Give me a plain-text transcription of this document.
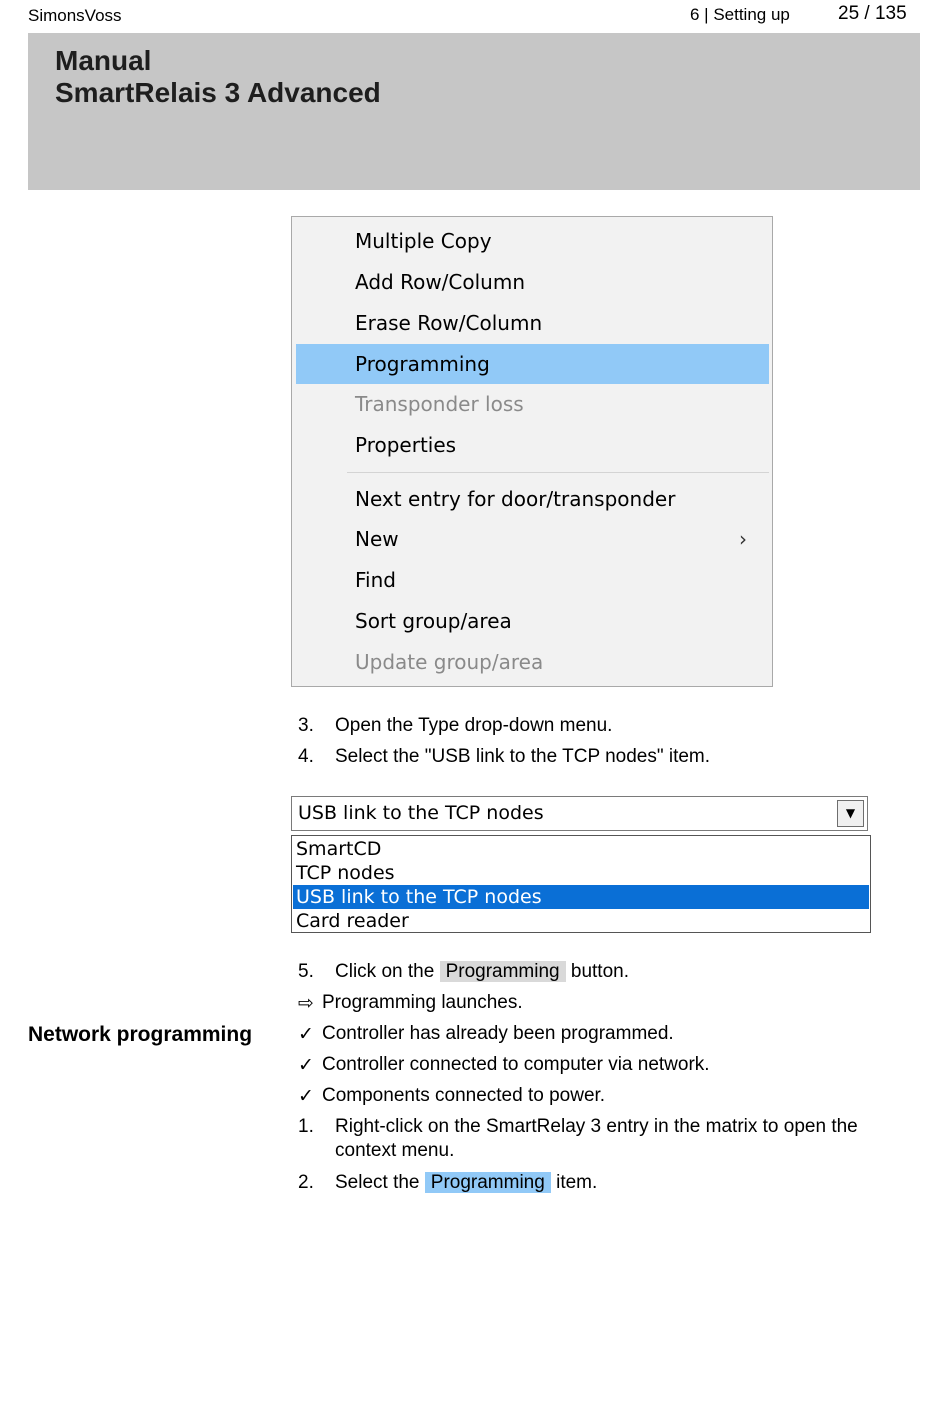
SimonsVoss	6 | Setting up	25 / 135
Manual
SmartRelais 3 Advanced
Multiple Copy
Add Row/Column
Erase Row/Column
Programming
Transponder loss
Properties
Next entry for door/transponder
New	›
Find
Sort group/area
Update group/area
3. Open the Type drop-down menu.
4. Select the "USB link to the TCP nodes" item.
USB link to the TCP nodes	▼
SmartCD
TCP nodes
USB link to the TCP nodes
Card reader
5. Click on the Programming button.
⇨ Programming launches.
Network programming ✓ Controller has already been programmed.
✓ Controller connected to computer via network.
✓ Components connected to power.
1. Right-click on the SmartRelay 3 entry in the matrix to open the
context menu.
2. Select the Programming item.
